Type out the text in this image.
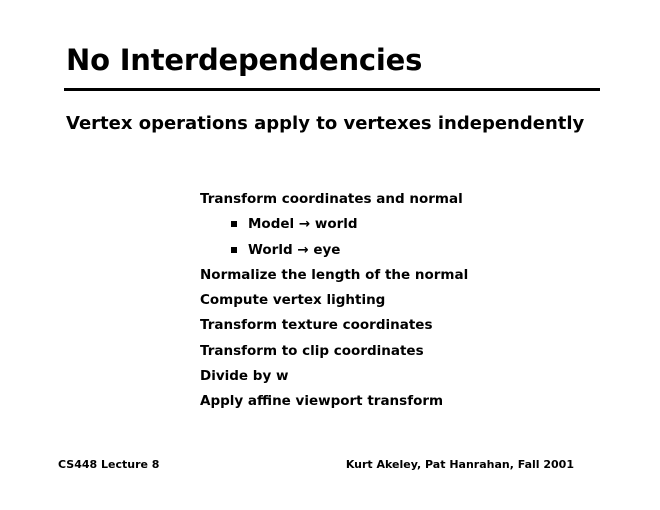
No Interdependencies
Vertex operations apply to vertexes independently
Transform coordinates and normal
Model → world
World → eye
Normalize the length of the normal
Compute vertex lighting
Transform texture coordinates
Transform to clip coordinates
Divide by w
Apply affine viewport transform
CS448 Lecture 8	Kurt Akeley, Pat Hanrahan, Fall 2001
